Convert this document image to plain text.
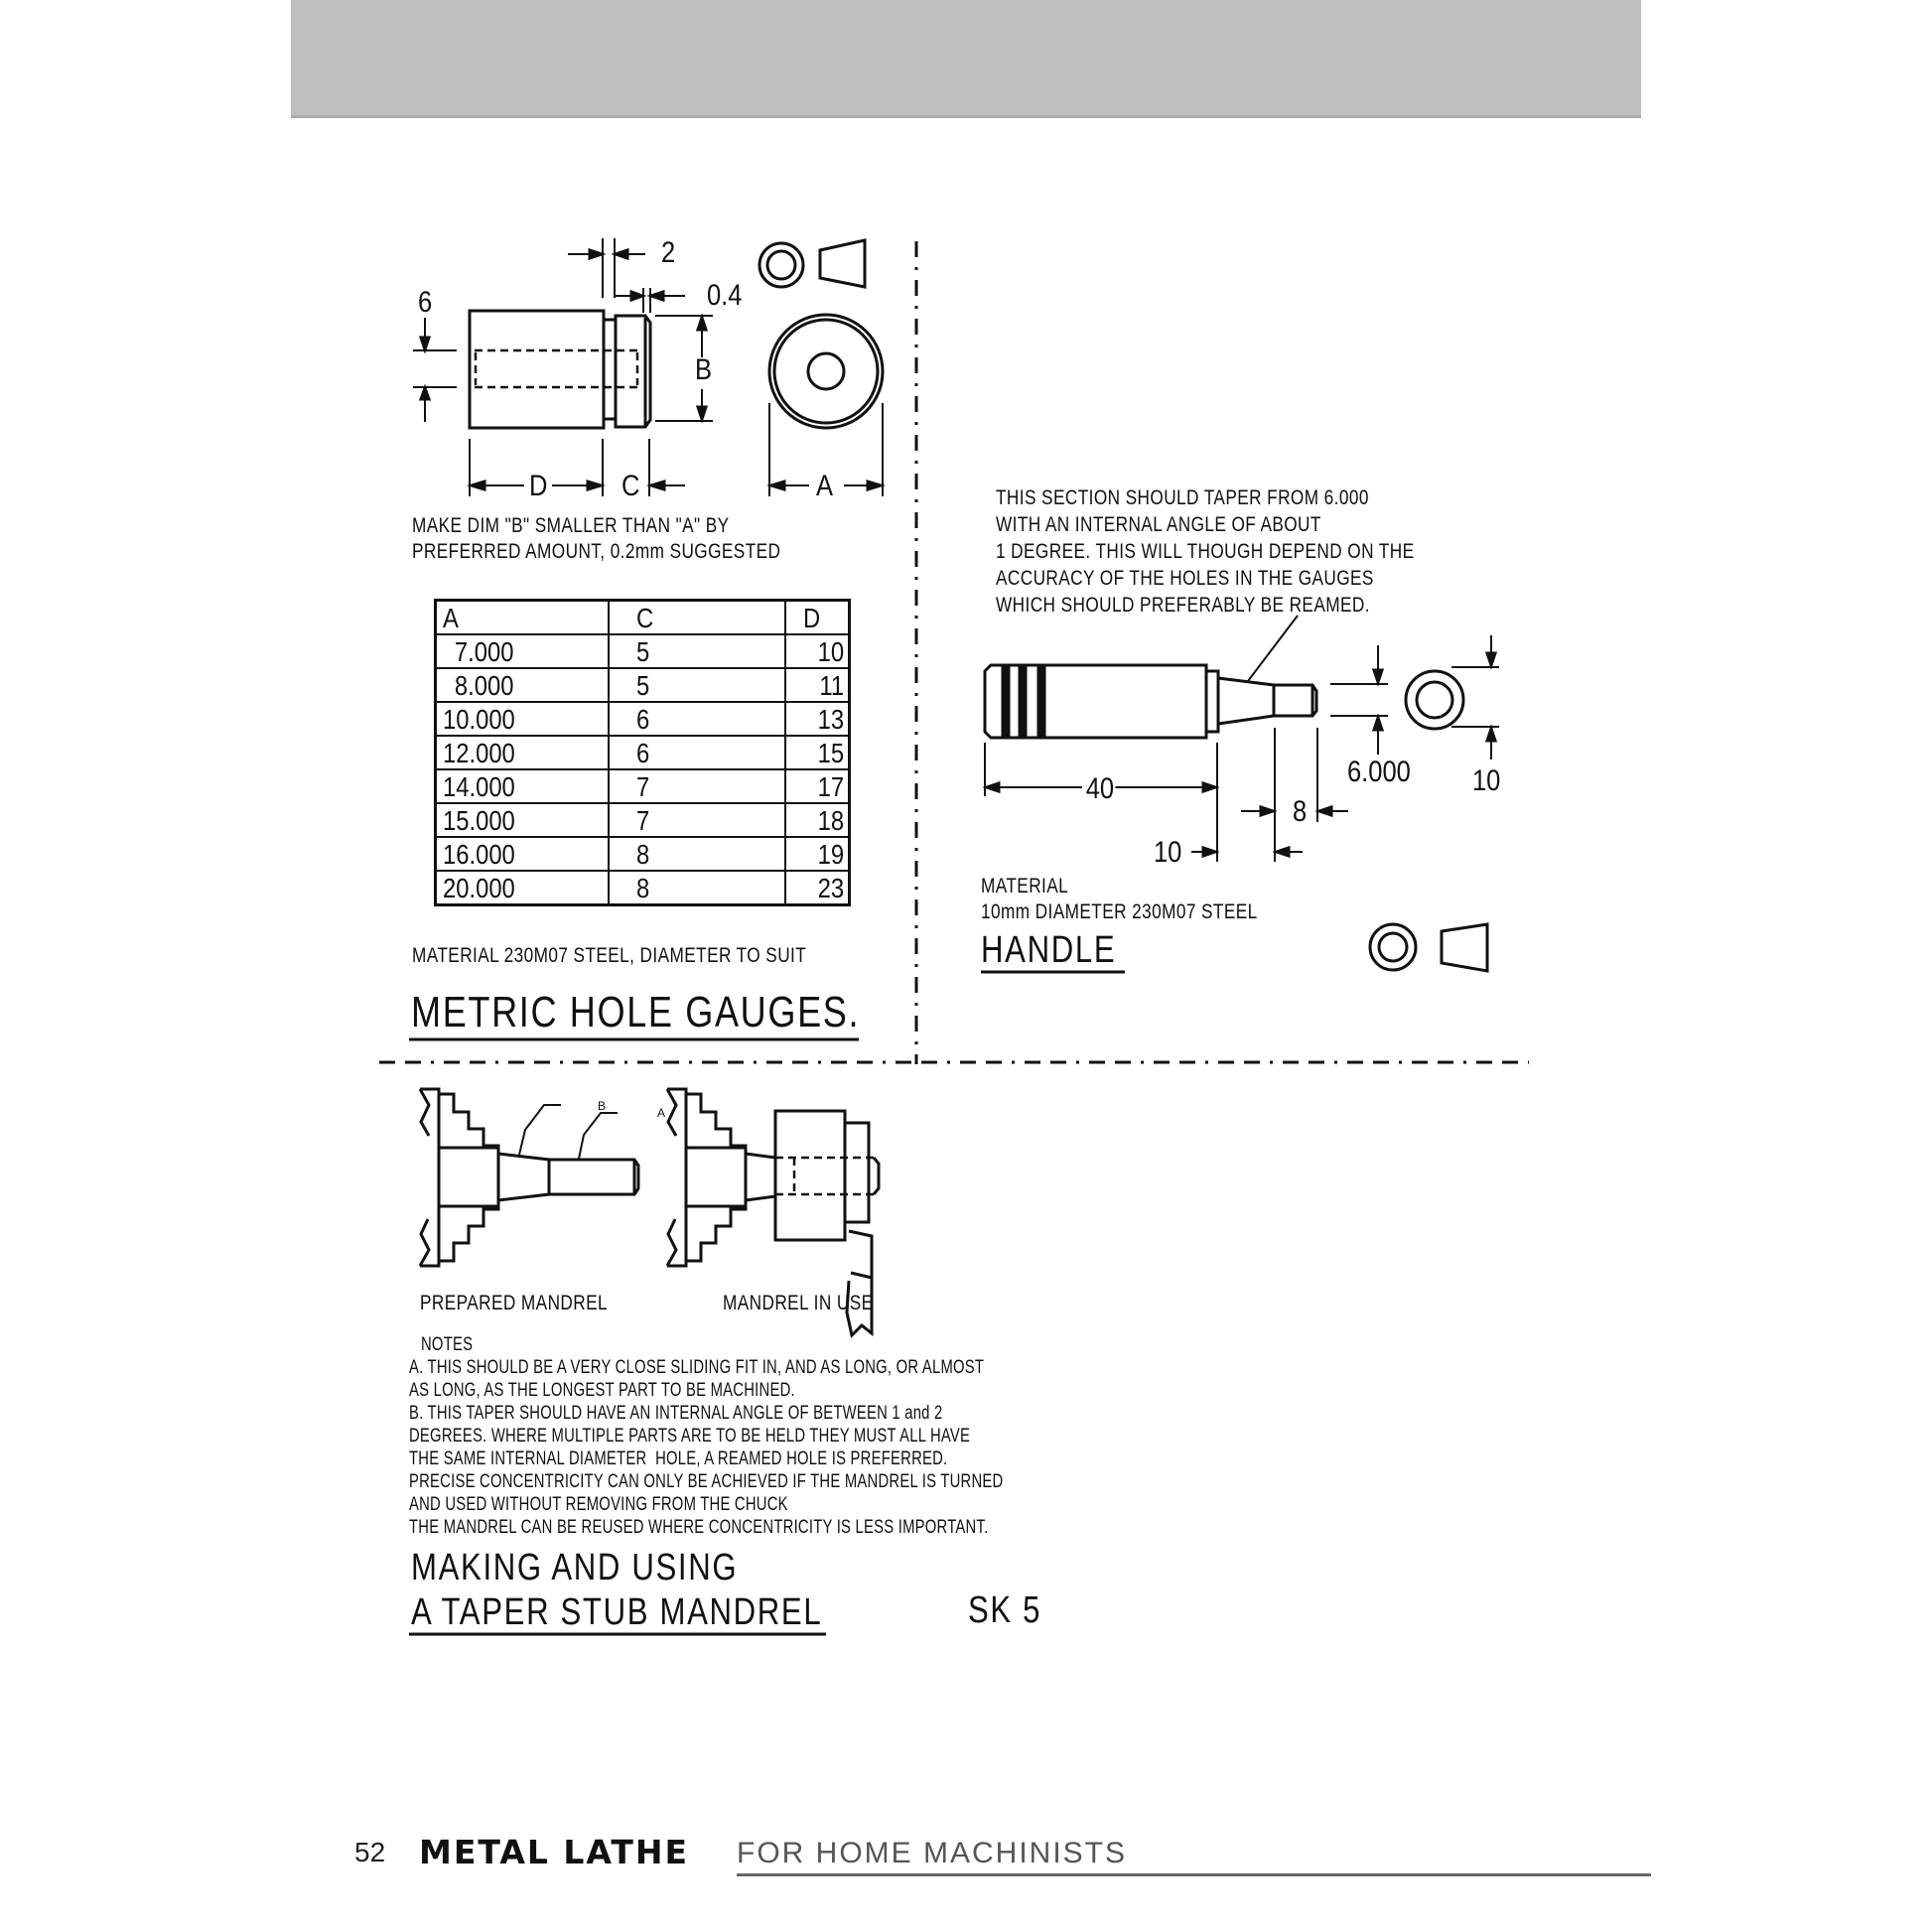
2
0.4
6
B
D C	A
MAKE DIM "B" SMALLER THAN "A" BY
PREFERRED AMOUNT, 0.2mm SUGGESTED
A	C	D
7.000	5	10
8.000	5	11
10.000	6	13
12.000	6	15
14.000	7	17
15.000	7	18
16.000	8	19
20.000	8	23
MATERIAL 230M07 STEEL, DIAMETER TO SUIT
METRIC HOLE GAUGES.
THIS SECTION SHOULD TAPER FROM 6.000
WITH AN INTERNAL ANGLE OF ABOUT
1 DEGREE. THIS WILL THOUGH DEPEND ON THE
ACCURACY OF THE HOLES IN THE GAUGES
WHICH SHOULD PREFERABLY BE REAMED.
40
10
8
6.000 10
MATERIAL
10mm DIAMETER 230M07 STEEL
HANDLE
B	A
PREPARED MANDREL	MANDREL IN USE
NOTES
A. THIS SHOULD BE A VERY CLOSE SLIDING FIT IN, AND AS LONG, OR ALMOST
AS LONG, AS THE LONGEST PART TO BE MACHINED.
B. THIS TAPER SHOULD HAVE AN INTERNAL ANGLE OF BETWEEN 1 and 2
DEGREES. WHERE MULTIPLE PARTS ARE TO BE HELD THEY MUST ALL HAVE
THE SAME INTERNAL DIAMETER  HOLE, A REAMED HOLE IS PREFERRED.
PRECISE CONCENTRICITY CAN ONLY BE ACHIEVED IF THE MANDREL IS TURNED
AND USED WITHOUT REMOVING FROM THE CHUCK
THE MANDREL CAN BE REUSED WHERE CONCENTRICITY IS LESS IMPORTANT.
MAKING AND USING
A TAPER STUB MANDREL	SK 5
52 METAL LATHE FOR HOME MACHINISTS
